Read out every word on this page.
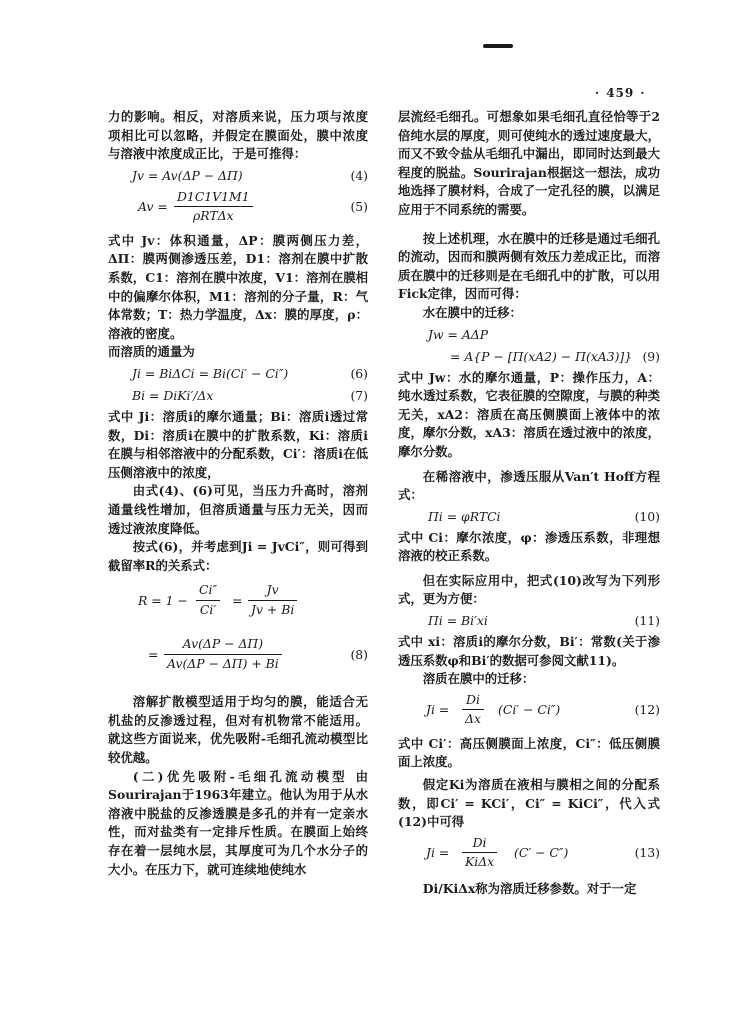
· 459 ·

力的影响。相反，对溶质来说，压力项与浓度项相比可以忽略，并假定在膜面处，膜中浓度与溶液中浓度成正比，于是可推得：

Jv = Av(ΔP − ΔΠ)	(4)
Av =
D1C1V1M1
ρRTΔx
(5)

式中 Jv：体积通量，ΔP：膜两侧压力差，ΔΠ：膜两侧渗透压差，D1：溶剂在膜中扩散系数，C1：溶剂在膜中浓度，V1：溶剂在膜相中的偏摩尔体积，M1：溶剂的分子量，R：气体常数；T：热力学温度，Δx：膜的厚度，ρ：溶液的密度。

而溶质的通量为

Ji = BiΔCi = Bi(Ci′ − Ci″)	(6)
Bi = DiKi′/Δx	(7)

式中 Ji：溶质i的摩尔通量；Bi：溶质i透过常数，Di：溶质i在膜中的扩散系数，Ki：溶质i在膜与相邻溶液中的分配系数，Ci′：溶质i在低压侧溶液中的浓度，

由式(4)、(6)可见，当压力升高时，溶剂通量线性增加，但溶质通量与压力无关，因而透过液浓度降低。

按式(6)，并考虑到Ji = JvCi″，则可得到截留率R的关系式：

$R = 1 - \frac{Ci''}{Ci'} = \frac{Jv}{Jv + Bi}$
= $\frac{Av(\Delta P - \Delta\Pi)}{Av(\Delta P - \Delta\Pi) + Bi}$	(8)

溶解扩散模型适用于均匀的膜，能适合无机盐的反渗透过程，但对有机物常不能适用。就这些方面说来，优先吸附-毛细孔流动模型比较优越。

(二)优先吸附-毛细孔流动模型 由Sourirajan于1963年建立。他认为用于从水溶液中脱盐的反渗透膜是多孔的并有一定亲水性，而对盐类有一定排斥性质。在膜面上始终存在着一层纯水层，其厚度可为几个水分子的大小。在压力下，就可连续地使纯水

层流经毛细孔。可想象如果毛细孔直径恰等于2倍纯水层的厚度，则可使纯水的透过速度最大，而又不致令盐从毛细孔中漏出，即同时达到最大程度的脱盐。Sourirajan根据这一想法，成功地选择了膜材料，合成了一定孔径的膜，以满足应用于不同系统的需要。

按上述机理，水在膜中的迁移是通过毛细孔的流动，因而和膜两侧有效压力差成正比，而溶质在膜中的迁移则是在毛细孔中的扩散，可以用Fick定律，因而可得：

水在膜中的迁移：

Jw = AΔP
= A{P − [Π(xA2) − Π(xA3)]} (9)

式中 Jw：水的摩尔通量，P：操作压力，A：纯水透过系数，它表征膜的空隙度，与膜的种类无关，xA2：溶质在高压侧膜面上液体中的浓度，摩尔分数，xA3：溶质在透过液中的浓度，摩尔分数。

在稀溶液中，渗透压服从Van′t Hoff方程式：

Πi = φRTCi	(10)

式中 Ci：摩尔浓度，φ：渗透压系数，非理想溶液的校正系数。

但在实际应用中，把式(10)改写为下列形式，更为方便：

Πi = Bi′xi	(11)

式中 xi：溶质i的摩尔分数，Bi′：常数(关于渗透压系数φ和Bi′的数据可参阅文献11)。

溶质在膜中的迁移：

$Ji = \frac{Di}{\Delta x} (Ci' - Ci'')$	(12)

式中 Ci′：高压侧膜面上浓度，Ci″：低压侧膜面上浓度。

假定Ki为溶质在液相与膜相之间的分配系数，即Ci′ = KCi′，Ci″ = KiCi″，代入式(12)中可得

Ji =
Di
KiΔx
(C′ − C″)	(13)

Di/KiΔx称为溶质迁移参数。对于一定
